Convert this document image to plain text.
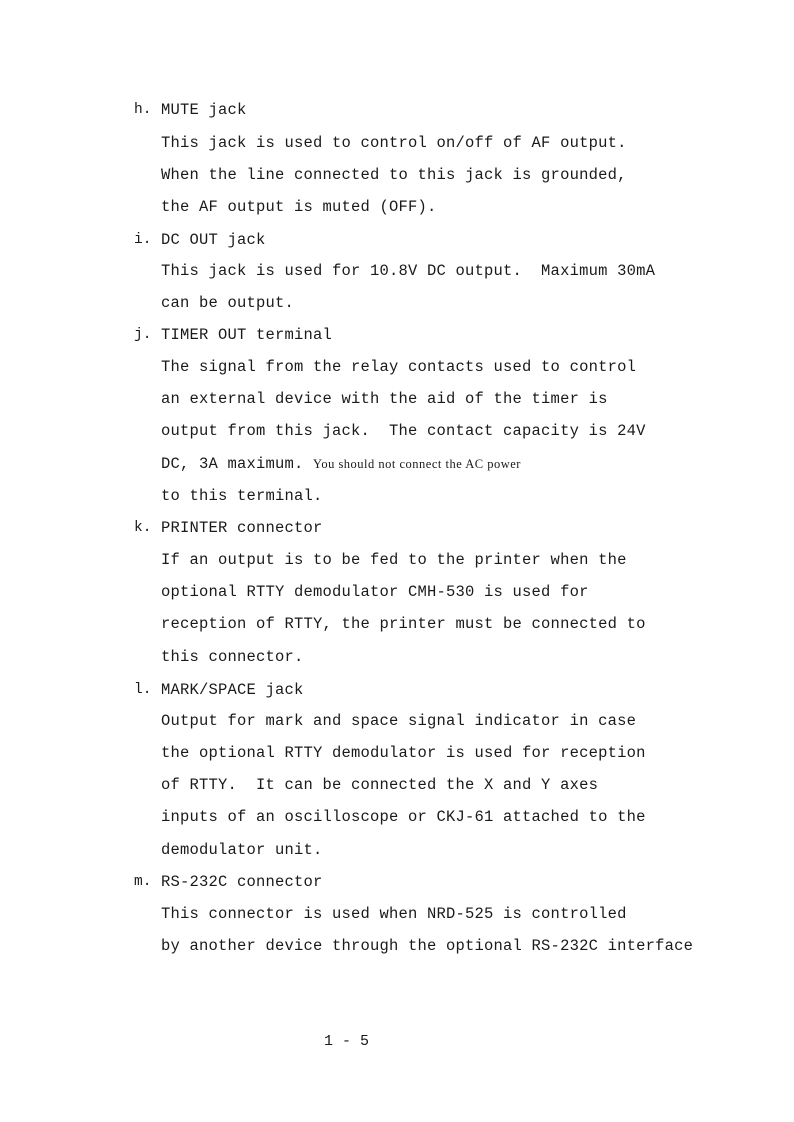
h. MUTE jack
This jack is used to control on/off of AF output.
When the line connected to this jack is grounded,
the AF output is muted (OFF).
i. DC OUT jack
This jack is used for 10.8V DC output.  Maximum 30mA
can be output.
j. TIMER OUT terminal
The signal from the relay contacts used to control
an external device with the aid of the timer is
output from this jack.  The contact capacity is 24V
DC, 3A maximum. You should not connect the AC power
to this terminal.
k. PRINTER connector
If an output is to be fed to the printer when the
optional RTTY demodulator CMH-530 is used for
reception of RTTY, the printer must be connected to
this connector.
l. MARK/SPACE jack
Output for mark and space signal indicator in case
the optional RTTY demodulator is used for reception
of RTTY.  It can be connected the X and Y axes
inputs of an oscilloscope or CKJ-61 attached to the
demodulator unit.
m. RS-232C connector
This connector is used when NRD-525 is controlled
by another device through the optional RS-232C interface
1 - 5
